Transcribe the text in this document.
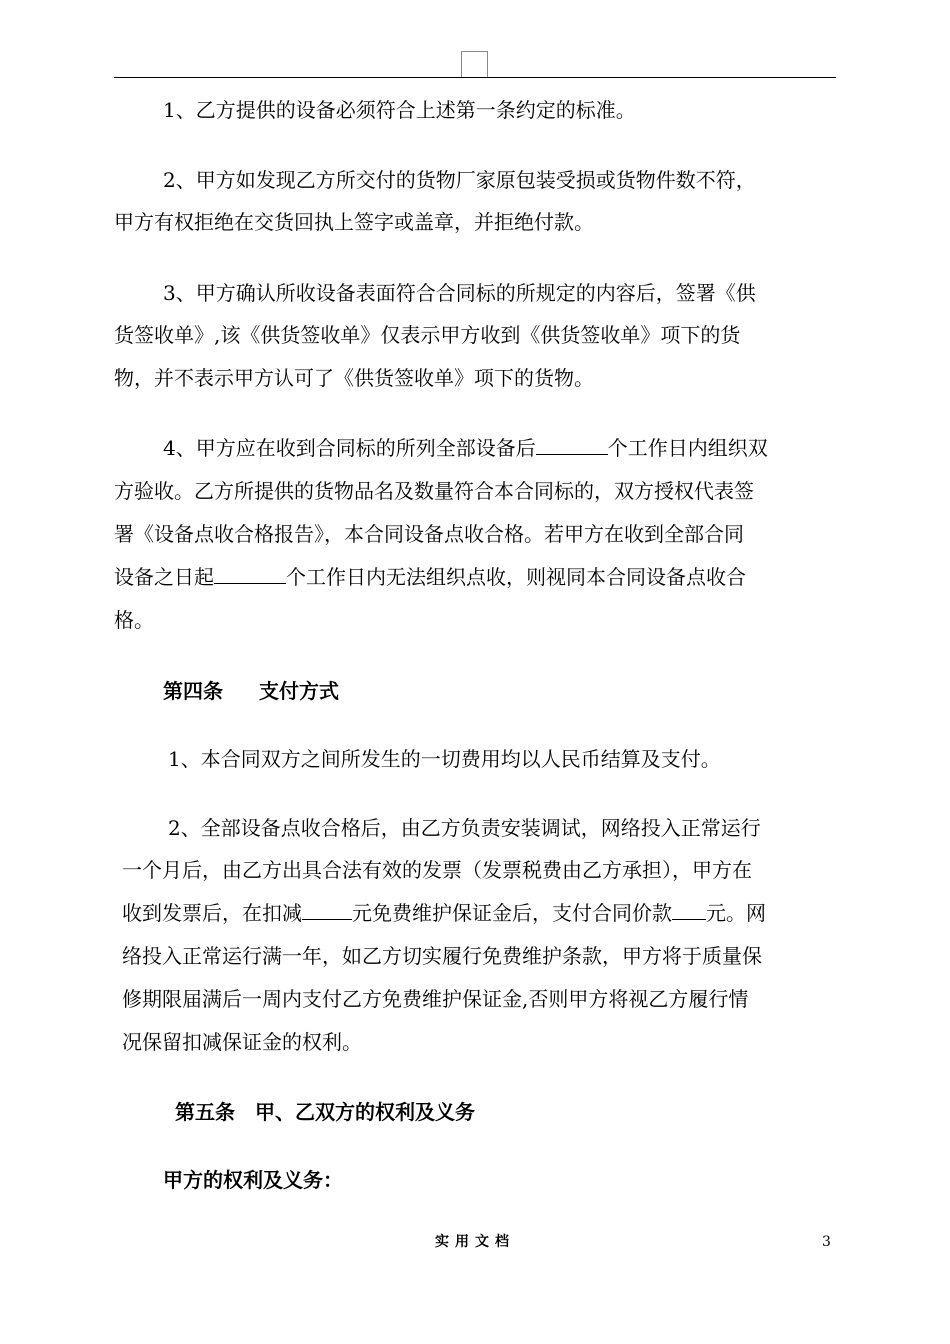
1、乙方提供的设备必须符合上述第一条约定的标准。
2、甲方如发现乙方所交付的货物厂家原包装受损或货物件数不符，
甲方有权拒绝在交货回执上签字或盖章，并拒绝付款。
3、甲方确认所收设备表面符合合同标的所规定的内容后，签署《供
货签收单》,该《供货签收单》仅表示甲方收到《供货签收单》项下的货
物，并不表示甲方认可了《供货签收单》项下的货物。
4、甲方应在收到合同标的所列全部设备后	个工作日内组织双
方验收。乙方所提供的货物品名及数量符合本合同标的，双方授权代表签
署《设备点收合格报告》，本合同设备点收合格。若甲方在收到全部合同
设备之日起	个工作日内无法组织点收，则视同本合同设备点收合
格。
第四条 支付方式
1、本合同双方之间所发生的一切费用均以人民币结算及支付。
2、全部设备点收合格后，由乙方负责安装调试，网络投入正常运行
一个月后，由乙方出具合法有效的发票（发票税费由乙方承担），甲方在
收到发票后，在扣减	元免费维护保证金后，支付合同价款 元。网
络投入正常运行满一年，如乙方切实履行免费维护条款，甲方将于质量保
修期限届满后一周内支付乙方免费维护保证金,否则甲方将视乙方履行情
况保留扣减保证金的权利。
第五条　甲、乙双方的权利及义务
甲方的权利及义务：
实用文档	3
